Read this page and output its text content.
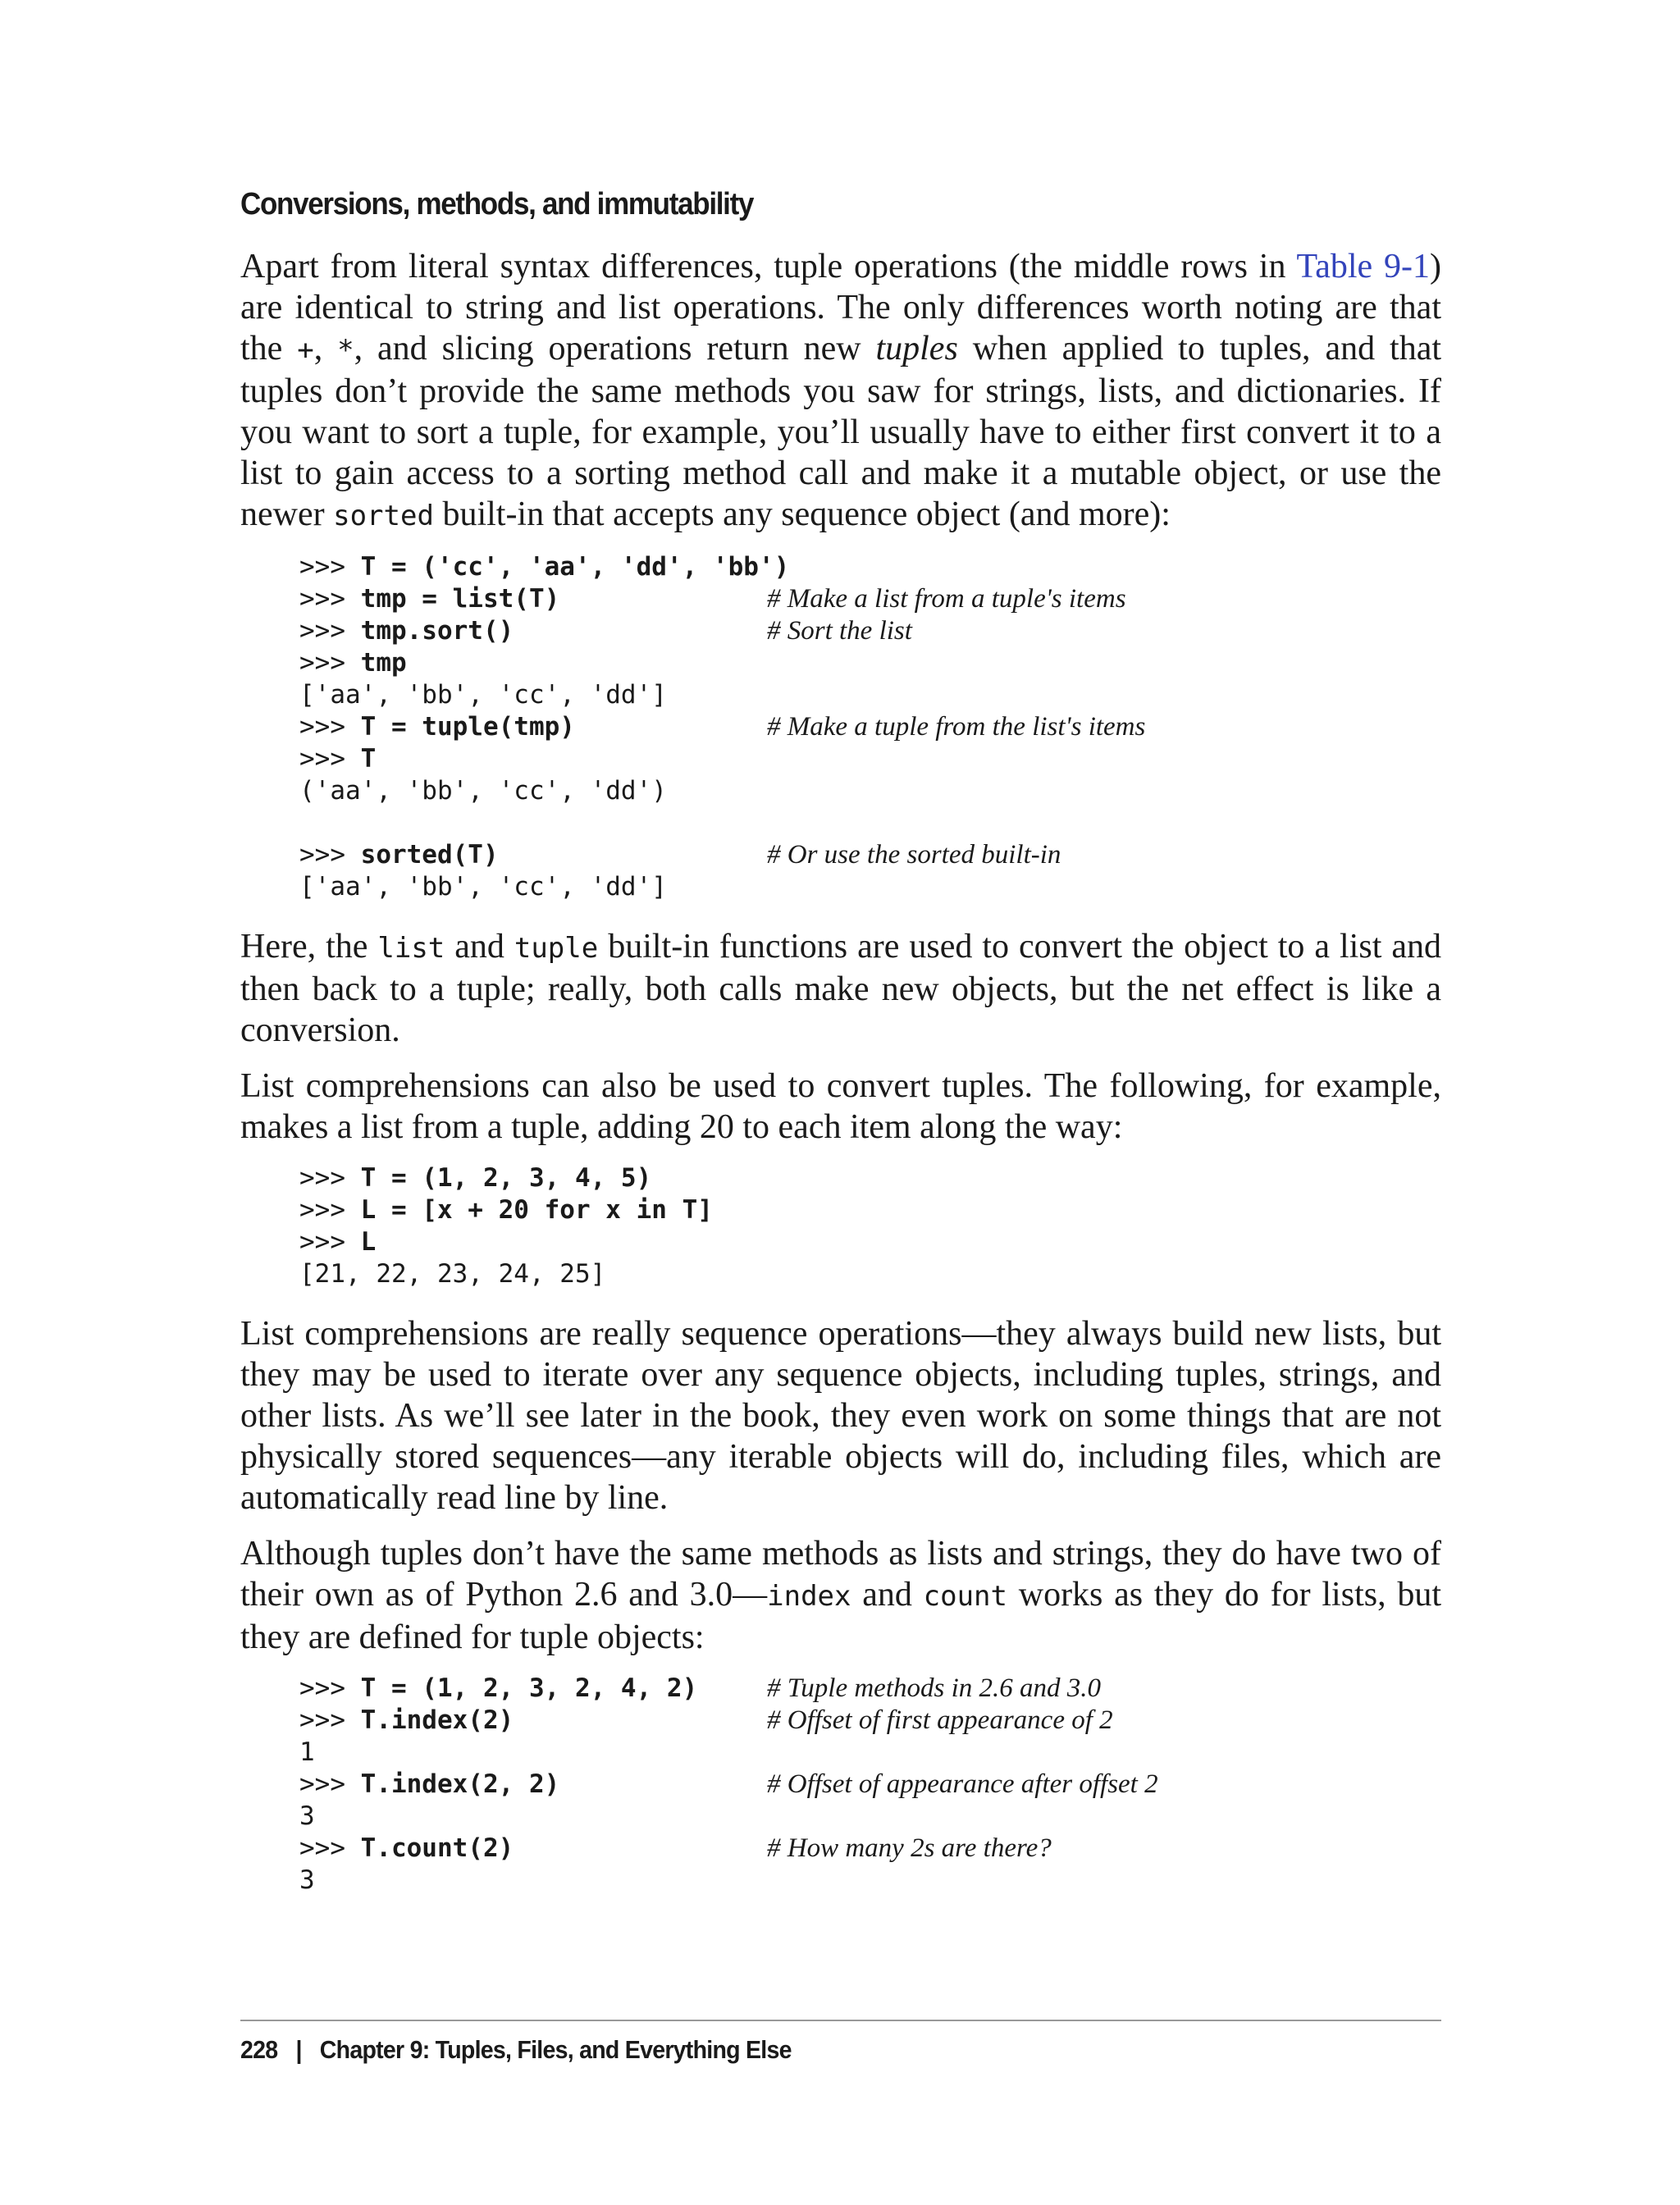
Conversions, methods, and immutability

Apart from literal syntax differences, tuple operations (the middle rows in Table 9-1) are identical to string and list operations. The only differences worth noting are that the +, *, and slicing operations return new tuples when applied to tuples, and that tuples don’t provide the same methods you saw for strings, lists, and dictionaries. If you want to sort a tuple, for example, you’ll usually have to either first convert it to a list to gain access to a sorting method call and make it a mutable object, or use the newer sorted built-in that accepts any sequence object (and more):

>>> T = ('cc', 'aa', 'dd', 'bb')
>>> tmp = list(T)	# Make a list from a tuple's items
>>> tmp.sort()	# Sort the list
>>> tmp
['aa', 'bb', 'cc', 'dd']
>>> T = tuple(tmp)	# Make a tuple from the list's items
>>> T
('aa', 'bb', 'cc', 'dd')
>>> sorted(T)	# Or use the sorted built-in
['aa', 'bb', 'cc', 'dd']

Here, the list and tuple built-in functions are used to convert the object to a list and then back to a tuple; really, both calls make new objects, but the net effect is like a conversion.

List comprehensions can also be used to convert tuples. The following, for example, makes a list from a tuple, adding 20 to each item along the way:

>>> T = (1, 2, 3, 4, 5)
>>> L = [x + 20 for x in T]
>>> L
[21, 22, 23, 24, 25]

List comprehensions are really sequence operations—they always build new lists, but they may be used to iterate over any sequence objects, including tuples, strings, and other lists. As we’ll see later in the book, they even work on some things that are not physically stored sequences—any iterable objects will do, including files, which are automatically read line by line.

Although tuples don’t have the same methods as lists and strings, they do have two of their own as of Python 2.6 and 3.0—index and count works as they do for lists, but they are defined for tuple objects:

>>> T = (1, 2, 3, 2, 4, 2)	# Tuple methods in 2.6 and 3.0
>>> T.index(2)	# Offset of first appearance of 2
1
>>> T.index(2, 2)	# Offset of appearance after offset 2
3
>>> T.count(2)	# How many 2s are there?
3
228 | Chapter 9: Tuples, Files, and Everything Else
